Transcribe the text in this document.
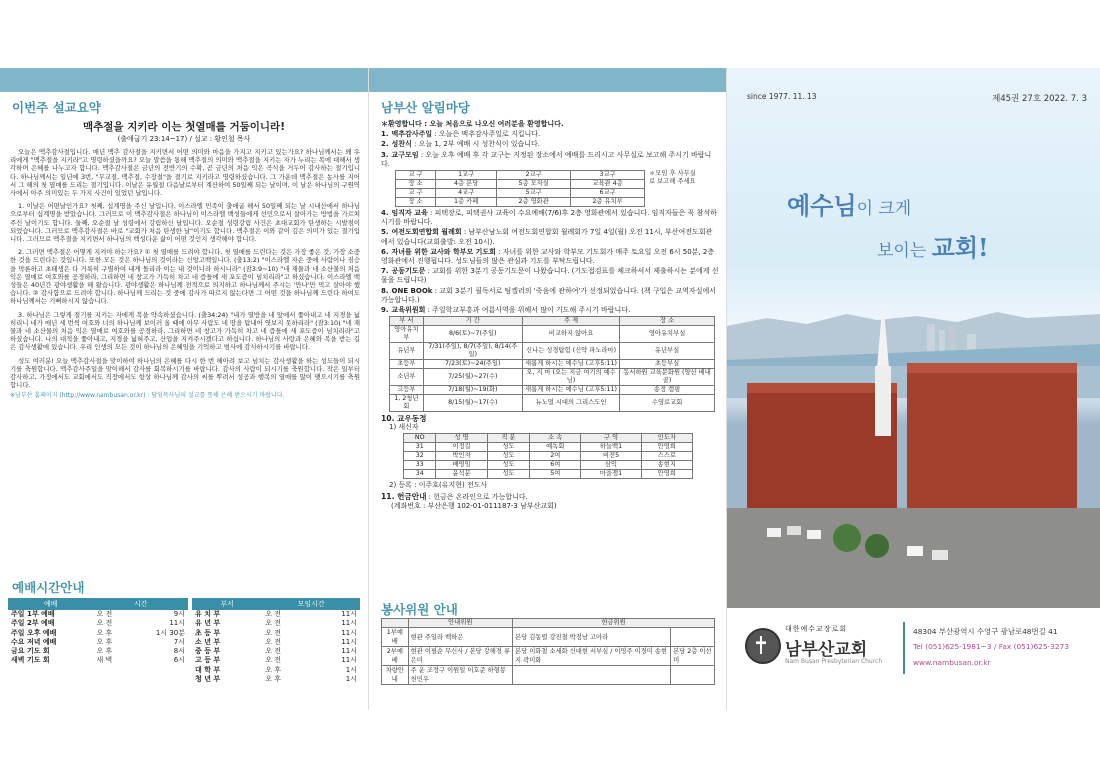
이번주 설교요약
맥추절을 지키라 이는 첫열매를 거둠이니라!
(출애굽기 23:14~17) / 설교 : 황인철 목사

오늘은 맥추감사절입니다. 매년 맥추 감사절을 지키면서 어떤 의미와 마음을 가지고 지키고 있는가요? 하나님께서는 왜 우리에게 "맥추절을 지키라"고 명령하셨을까요? 오늘 말씀을 통해 맥추절의 의미와 맥추절을 지키는 자가 누리는 복에 대해서 생각하며 은혜를 나누고자 합니다. 맥추감사절은 금년의 전반기의 수확, 곧 금년의 처음 익은 곡식을 거두어 감사하는 절기입니다. 하나님께서는 일년에 3번, "무교절, 맥추절, 수장절"을 절기로 지키라고 명령하셨습니다. 그 가운데 맥추절은 농사를 지어서 그 해의 첫 열매를 드리는 절기입니다. 이날은 유월절 다음날로부터 계산하여 50일째 되는 날이며, 이 날은 하나님의 구원역사에서 아주 의미있는 두 가지 사건이 있었던 날입니다.

1. 이날은 어떤날인가요? 첫째, 십계명을 주신 날입니다. 이스라엘 민족이 출애굽 해서 50일째 되는 날 시내산에서 하나님으로부터 십계명을 받았습니다. 그러므로 이 맥추감사절은 하나님이 이스라엘 백성들에게 선민으로서 살아가는 방법을 가르쳐 주신 날이기도 합니다. 둘째, 오순절 날 성령에서 강림하신 날입니다. 오순절 성령강림 사건은 초대교회가 탄생하는 시발점이 되었습니다. 그러므로 맥추감사절은 바로 "교회가 처음 탄생한 날"이기도 합니다. 맥추절은 이와 같이 깊은 의미가 있는 절기입니다. 그러므로 맥추절을 지키면서 하나님의 백성다운 삶이 어떤 것인지 생각해야 합니다.

2. 그러면 맥추절은 어떻게 지켜야 하는가요? ① 첫 열매를 드려야 합니다. 첫 열매를 드린다는 것은 가장 좋은 것, 가장 소중한 것을 드린다는 것입니다. 또한 모든 것은 하나님의 것이라는 신앙고백입니다. (출13:2) "이스라엘 자손 중에 사람이나 짐승을 막론하고 초태생은 다 거룩히 구별하여 내게 돌리라 이는 내 것이니라 하시니라" (잠3:9~10) "네 재물과 네 소산물의 처음 익은 열매로 여호와를 공경하라, 그리하면 네 창고가 가득히 차고 네 즙틀에 새 포도즙이 넘치리라"고 하셨습니다. 이스라엘 백성들은 40년간 광야생활을 해 왔습니다. 광야생활은 하나님께 전적으로 의지하고 하나님께서 주시는 '만나'만 먹고 살아야 했습니다. ② 감사함으로 드려야 합니다. 하나님께 드리는 것 중에 감사가 따르지 않는다면 그 어떤 것을 하나님께 드린다 하여도 하나님께서는 기뻐하시지 않습니다.

3. 하나님은 그렇게 절기를 지키는 자에게 복을 약속하셨습니다. (출34:24) "내가 열방을 네 앞에서 쫓아내고 네 지경을 넓히리니 네가 매년 세 번씩 여호와 너의 하나님께 보이러 올 때에 아무 사람도 네 땅을 탐내어 엿보지 못하리라" (잠3:10) "네 재물과 네 소산물의 처음 익은 열매로 여호와를 공경하라, 그리하면 네 창고가 가득히 차고 네 즙틀에 새 포도즙이 넘치리라"고 하셨습니다. 나의 대적을 쫓아내고, 지경을 넓혀주고, 산업을 지켜주시겠다고 하십니다. 하나님의 사랑과 은혜와 복을 받는 길은 감사생활에 있습니다. 우리 인생의 모든 것이 하나님의 은혜임을 기억하고 범사에 감사하시기를 바랍니다.

성도 여러분! 오늘 맥추감사절을 맞이하여 하나님의 은혜를 다시 한 번 헤아려 보고 넘치는 감사생활을 하는 성도들이 되시기를 축원합니다. 맥추감사주일을 맞이해서 감사를 회복하시기를 바랍니다. 감사의 사람이 되시기를 축원합니다. 작은 일부터 감사하고, 가정에서도 교회에서도 직장에서도 항상 하나님께 감사의 씨를 뿌려서 성공과 행복의 열매를 많이 맺으시기를 축원합니다.

※남부산 홈페이지 (http://www.nambusan.or.kr) : 담임목사님의 설교를 통해 은혜 받으시기 바랍니다.

예배시간안내
예배	시간	
주일 1부 예배	오 전	9시
주일 2부 예배	오 전	11시
주일 오후 예배	오 후	1시 30분
수요 저녁 예배	오 후	7시
금요 기도 회	오 후	8시
새벽 기도 회	새 벽	6시
부서	모임시간	
유 치 부	오 전	11시
유 년 부	오 전	11시
초 등 부	오 전	11시
소 년 부	오 전	11시
중 등 부	오 전	11시
고 등 부	오 전	11시
대 학 부	오 후	1시
청 년 부	오 후	1시
남부산 알림마당
＊환영합니다 : 오늘 처음으로 나오신 여러분을 환영합니다.
1. 맥추감사주일 : 오늘은 맥추감사주일로 지킵니다.
2. 성찬식 : 오늘 1, 2부 예배 시 성찬식이 있습니다.
3. 교구모임 : 오늘 오후 예배 후 각 교구는 지정된 장소에서 예배를 드리시고 사무실로 보고해 주시기 바랍니다.
교 구	1교구	2교구	3교구
장 소	4층 본당	5층 모자실	교육관 4층
교 구	4교구	5교구	6교구
장 소	1층 카페	2층 영화관	2층 유치부
＊모임 후 사무실로 보고해 주세요
4. 임직자 교육 : 피택장로, 피택권사 교육이 수요예배(7/6)후 2층 영화관에서 있습니다. 임직자들은 꼭 참석하시기를 바랍니다.
5. 여전도회연합회 월례회 : 남부산남노회 여전도회연합회 월례회가 7일 4일(월) 오전 11시, 부산여전도회관에서 있습니다(교회출발: 오전 10시).
6. 자녀를 위한 교사와 학부모 기도회 : 자녀를 위한 교사와 학부모 기도회가 매주 토요일 오전 6시 50분, 2층 영화관에서 진행됩니다. 성도님들의 많은 관심과 기도를 부탁드립니다.
7. 공동기도문 : 교회를 위한 3분기 공동기도문이 나왔습니다. (기도접검표를 체크하셔서 제출하시는 분에게 선물을 드립니다)
8. ONE BOOk : 교회 3분기 필독서로 팀켈러의 '죽음에 관하여'가 선정되었습니다. (책 구입은 교역자실에서 가능합니다.)
9. 교육위원회 : 주일학교부흥과 여름사역을 위해서 많이 기도해 주시기 바랍니다.
부 서	기 간	주 제	장 소
영아유치부	8/6(토)~7(주일)	비교하지 않아요	영아유치부실
유년부	7/31(주일), 8/7(주일), 8/14(주일)	신나는 성경탐험 (신약 파노라마)	유년부실
초등부	7/23(토)~24(주일)	새롭게 하시는 예수님 (고후5:11)	초등부실
소년부	7/25(월)~27(수)	오, 지 마 (오는 지금 여기의 예수님)	동서하원 교육문화원 (양산 배내골)
고등부	7/18(월)~19(화)	새롭게 하시는 예수님 (고후5:11)	송정 캠핑
1, 2청년회	8/15(월)~17(수)	뉴노멀 시대의 그리스도인	수영로교회
10. 교우동정
1) 새신자
NO	성 명	직 분	소 속	구 역	인도자
31	이정길	성도	예녹회	하늘백1	안영희
32	박인자	성도	2여	비전5	스스로
33	배영임	성도	6여	삼익	송현지
34	윤석분	성도	5여	마을쟁1	안영희
2) 등록 : 이주호(유지현) 전도사
11. 헌금안내 : 헌금은 온라인으로 가능합니다.
(계좌번호 : 부산은행 102-01-011187-3 남부산교회)
봉사위원 안내
	안내위원	헌금위원	
1부예배	현관 주일라 백하은	본당 김동렬 강진철 박정남 고아라	
2부예배	현관 이필순 무신사 / 본당 강해경 류은미	본당 이화철 소세화 신대현 서부심 / 이영주 이경미 송현지 곽미화	본당 2층 이선미
차량안내	주 운 조정구 이원일 이호준 하형봉 천민우		
since 1977. 11. 13	제45권 27호 2022. 7. 3
예수님이 크게
보이는 교회!
대한예수교장로회
남부산교회
Nam Busan Presbyterian Church
48304 부산광역시 수영구 광남로48번길 41
Tel (051)625-1981~3 / Fax (051)625-3273
www.nambusan.or.kr
